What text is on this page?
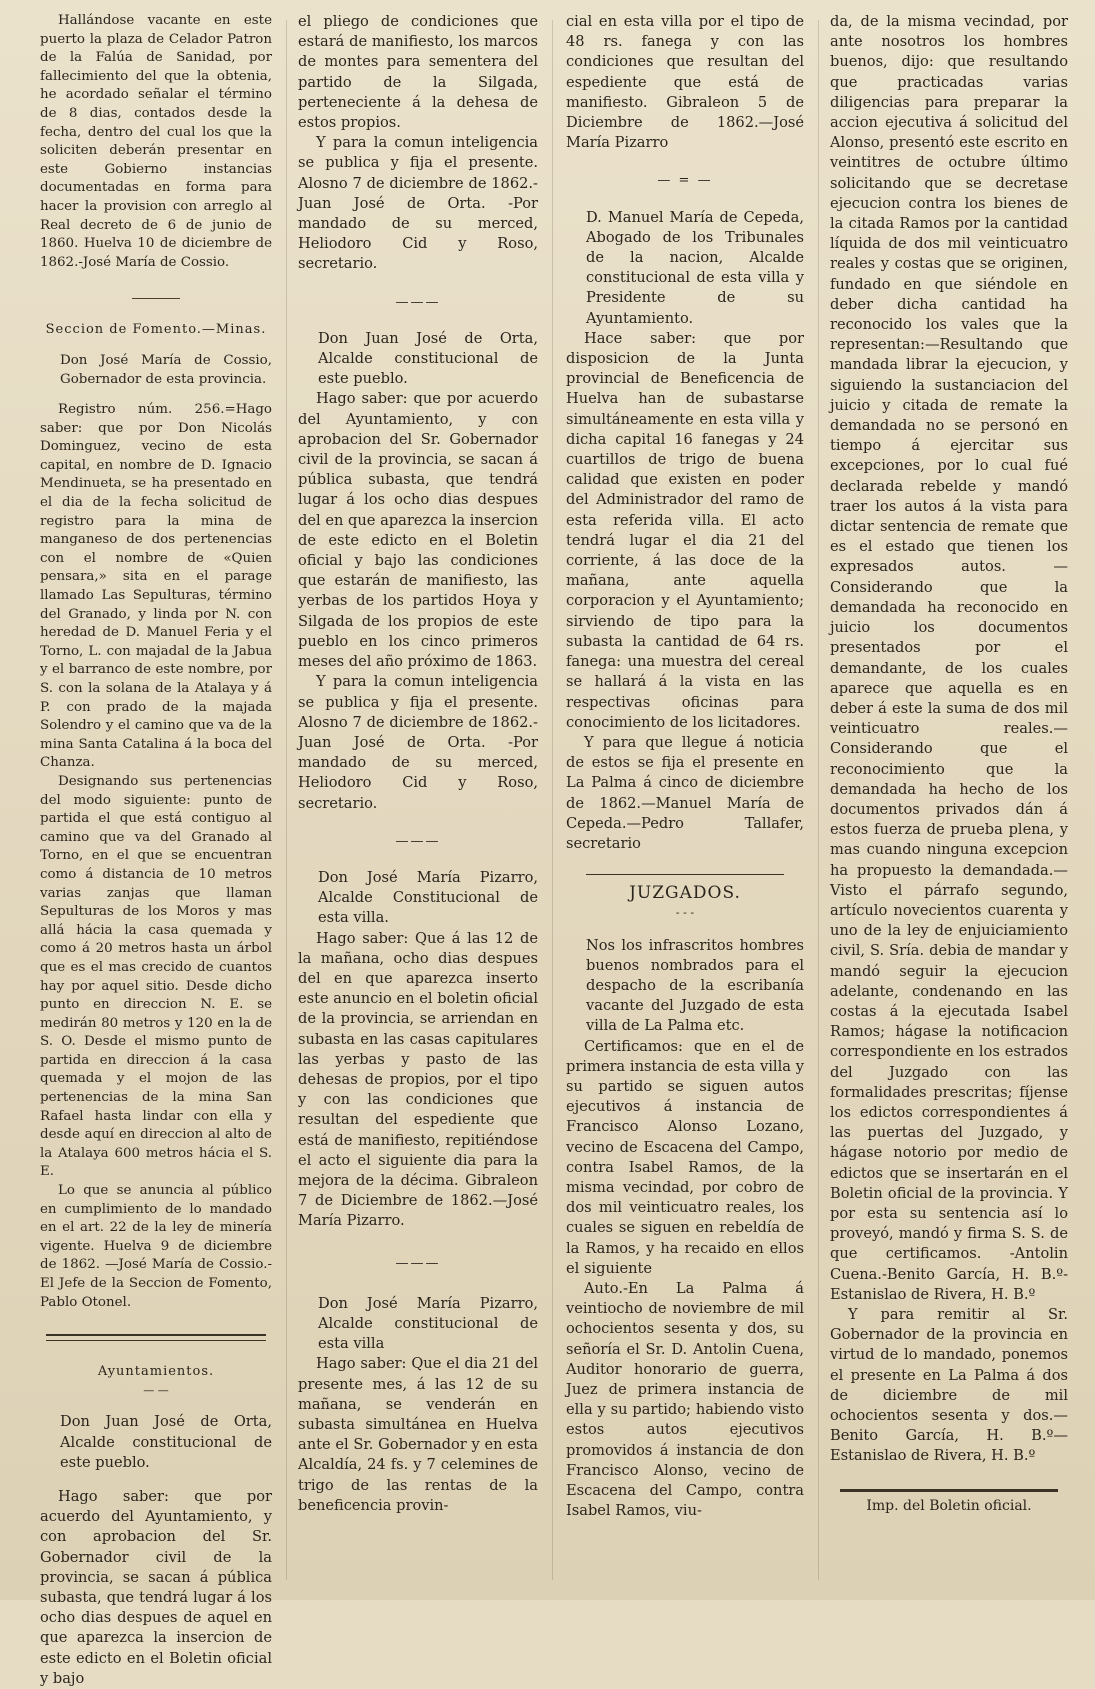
Hallándose vacante en este puerto la plaza de Celador Patron de la Falúa de Sanidad, por fallecimiento del que la obtenia, he acordado señalar el término de 8 dias, contados desde la fecha, dentro del cual los que la soliciten deberán presentar en este Gobierno instancias documentadas en forma para hacer la provision con arreglo al Real decreto de 6 de junio de 1860. Huelva 10 de diciembre de 1862.-José María de Cossio.

Seccion de Fomento.—Minas.

Don José María de Cossio, Gobernador de esta provincia.

Registro núm. 256.=Hago saber: que por Don Nicolás Dominguez, vecino de esta capital, en nombre de D. Ignacio Mendinueta, se ha presentado en el dia de la fecha solicitud de registro para la mina de manganeso de dos pertenencias con el nombre de «Quien pensara,» sita en el parage llamado Las Sepulturas, término del Granado, y linda por N. con heredad de D. Manuel Feria y el Torno, L. con majadal de la Jabua y el barranco de este nombre, por S. con la solana de la Atalaya y á P. con prado de la majada Solendro y el camino que va de la mina Santa Catalina á la boca del Chanza.

Designando sus pertenencias del modo siguiente: punto de partida el que está contiguo al camino que va del Granado al Torno, en el que se encuentran como á distancia de 10 metros varias zanjas que llaman Sepulturas de los Moros y mas allá hácia la casa quemada y como á 20 metros hasta un árbol que es el mas crecido de cuantos hay por aquel sitio. Desde dicho punto en direccion N. E. se medirán 80 metros y 120 en la de S. O. Desde el mismo punto de partida en direccion á la casa quemada y el mojon de las pertenencias de la mina San Rafael hasta lindar con ella y desde aquí en direccion al alto de la Atalaya 600 metros hácia el S. E.

Lo que se anuncia al público en cumplimiento de lo mandado en el art. 22 de la ley de minería vigente. Huelva 9 de diciembre de 1862. —José María de Cossio.-El Jefe de la Seccion de Fomento, Pablo Otonel.

Ayuntamientos.

— —

Don Juan José de Orta, Alcalde constitucional de este pueblo.

Hago saber: que por acuerdo del Ayuntamiento, y con aprobacion del Sr. Gobernador civil de la provincia, se sacan á pública subasta, que tendrá lugar á los ocho dias despues de aquel en que aparezca la insercion de este edicto en el Boletin oficial y bajo

el pliego de condiciones que estará de manifiesto, los marcos de montes para sementera del partido de la Silgada, perteneciente á la dehesa de estos propios.

Y para la comun inteligencia se publica y fija el presente. Alosno 7 de diciembre de 1862.-Juan José de Orta. -Por mandado de su merced, Heliodoro Cid y Roso, secretario.

———

Don Juan José de Orta, Alcalde constitucional de este pueblo.

Hago saber: que por acuerdo del Ayuntamiento, y con aprobacion del Sr. Gobernador civil de la provincia, se sacan á pública subasta, que tendrá lugar á los ocho dias despues del en que aparezca la insercion de este edicto en el Boletin oficial y bajo las condiciones que estarán de manifiesto, las yerbas de los partidos Hoya y Silgada de los propios de este pueblo en los cinco primeros meses del año próximo de 1863.

Y para la comun inteligencia se publica y fija el presente. Alosno 7 de diciembre de 1862.-Juan José de Orta. -Por mandado de su merced, Heliodoro Cid y Roso, secretario.

———

Don José María Pizarro, Alcalde Constitucional de esta villa.

Hago saber: Que á las 12 de la mañana, ocho dias despues del en que aparezca inserto este anuncio en el boletin oficial de la provincia, se arriendan en subasta en las casas capitulares las yerbas y pasto de las dehesas de propios, por el tipo y con las condiciones que resultan del espediente que está de manifiesto, repitiéndose el acto el siguiente dia para la mejora de la décima. Gibraleon 7 de Diciembre de 1862.—José María Pizarro.

———

Don José María Pizarro, Alcalde constitucional de esta villa

Hago saber: Que el dia 21 del presente mes, á las 12 de su mañana, se venderán en subasta simultánea en Huelva ante el Sr. Gobernador y en esta Alcaldía, 24 fs. y 7 celemines de trigo de las rentas de la beneficencia provin-

cial en esta villa por el tipo de 48 rs. fanega y con las condiciones que resultan del espediente que está de manifiesto. Gibraleon 5 de Diciembre de 1862.—José María Pizarro

— = —

D. Manuel María de Cepeda, Abogado de los Tribunales de la nacion, Alcalde constitucional de esta villa y Presidente de su Ayuntamiento.

Hace saber: que por disposicion de la Junta provincial de Beneficencia de Huelva han de subastarse simultáneamente en esta villa y dicha capital 16 fanegas y 24 cuartillos de trigo de buena calidad que existen en poder del Administrador del ramo de esta referida villa. El acto tendrá lugar el dia 21 del corriente, á las doce de la mañana, ante aquella corporacion y el Ayuntamiento; sirviendo de tipo para la subasta la cantidad de 64 rs. fanega: una muestra del cereal se hallará á la vista en las respectivas oficinas para conocimiento de los licitadores.

Y para que llegue á noticia de estos se fija el presente en La Palma á cinco de diciembre de 1862.—Manuel María de Cepeda.—Pedro Tallafer, secretario

JUZGADOS.

- - -

Nos los infrascritos hombres buenos nombrados para el despacho de la escribanía vacante del Juzgado de esta villa de La Palma etc.

Certificamos: que en el de primera instancia de esta villa y su partido se siguen autos ejecutivos á instancia de Francisco Alonso Lozano, vecino de Escacena del Campo, contra Isabel Ramos, de la misma vecindad, por cobro de dos mil veinticuatro reales, los cuales se siguen en rebeldía de la Ramos, y ha recaido en ellos el siguiente

Auto.-En La Palma á veintiocho de noviembre de mil ochocientos sesenta y dos, su señoría el Sr. D. Antolin Cuena, Auditor honorario de guerra, Juez de primera instancia de ella y su partido; habiendo visto estos autos ejecutivos promovidos á instancia de don Francisco Alonso, vecino de Escacena del Campo, contra Isabel Ramos, viu-

da, de la misma vecindad, por ante nosotros los hombres buenos, dijo: que resultando que practicadas varias diligencias para preparar la accion ejecutiva á solicitud del Alonso, presentó este escrito en veintitres de octubre último solicitando que se decretase ejecucion contra los bienes de la citada Ramos por la cantidad líquida de dos mil veinticuatro reales y costas que se originen, fundado en que siéndole en deber dicha cantidad ha reconocido los vales que la representan:—Resultando que mandada librar la ejecucion, y siguiendo la sustanciacion del juicio y citada de remate la demandada no se personó en tiempo á ejercitar sus excepciones, por lo cual fué declarada rebelde y mandó traer los autos á la vista para dictar sentencia de remate que es el estado que tienen los expresados autos. —Considerando que la demandada ha reconocido en juicio los documentos presentados por el demandante, de los cuales aparece que aquella es en deber á este la suma de dos mil veinticuatro reales.— Considerando que el reconocimiento que la demandada ha hecho de los documentos privados dán á estos fuerza de prueba plena, y mas cuando ninguna excepcion ha propuesto la demandada.—Visto el párrafo segundo, artículo novecientos cuarenta y uno de la ley de enjuiciamiento civil, S. Sría. debia de mandar y mandó seguir la ejecucion adelante, condenando en las costas á la ejecutada Isabel Ramos; hágase la notificacion correspondiente en los estrados del Juzgado con las formalidades prescritas; fíjense los edictos correspondientes á las puertas del Juzgado, y hágase notorio por medio de edictos que se insertarán en el Boletin oficial de la provincia. Y por esta su sentencia así lo proveyó, mandó y firma S. S. de que certificamos. -Antolin Cuena.-Benito García, H. B.º-Estanislao de Rivera, H. B.º

Y para remitir al Sr. Gobernador de la provincia en virtud de lo mandado, ponemos el presente en La Palma á dos de diciembre de mil ochocientos sesenta y dos.— Benito García, H. B.º—Estanislao de Rivera, H. B.º

Imp. del Boletin oficial.
